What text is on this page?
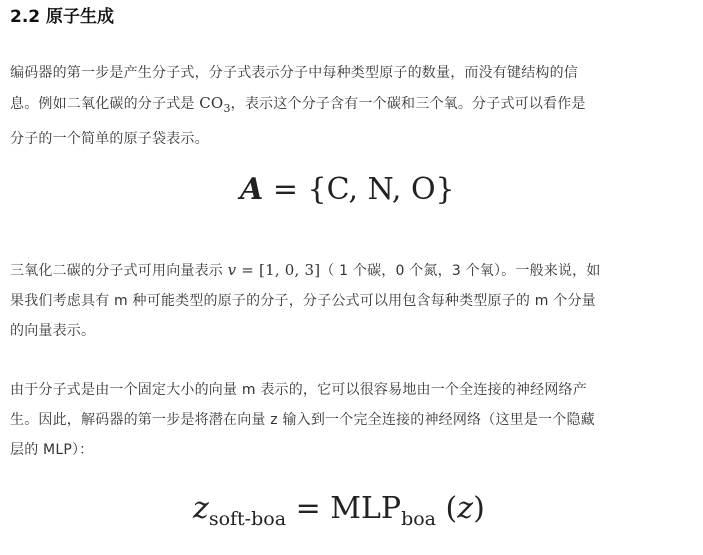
2.2 原子生成
编码器的第一步是产生分子式，分子式表示分子中每种类型原子的数量，而没有键结构的信
息。例如二氧化碳的分子式是 $CO_3$，表示这个分子含有一个碳和三个氧。分子式可以看作是
分子的一个简单的原子袋表示。
A = {C, N, O}
三氧化二碳的分子式可用向量表示 v = [1, 0, 3]（ 1 个碳，0 个氮，3 个氧）。一般来说，如
果我们考虑具有 m 种可能类型的原子的分子，分子公式可以用包含每种类型原子的 m 个分量
的向量表示。
由于分子式是由一个固定大小的向量 m 表示的，它可以很容易地由一个全连接的神经网络产
生。因此，解码器的第一步是将潜在向量 z 输入到一个完全连接的神经网络（这里是一个隐藏
层的 MLP）：
$z_{soft-boa} = MLP_{boa}$ (z)
